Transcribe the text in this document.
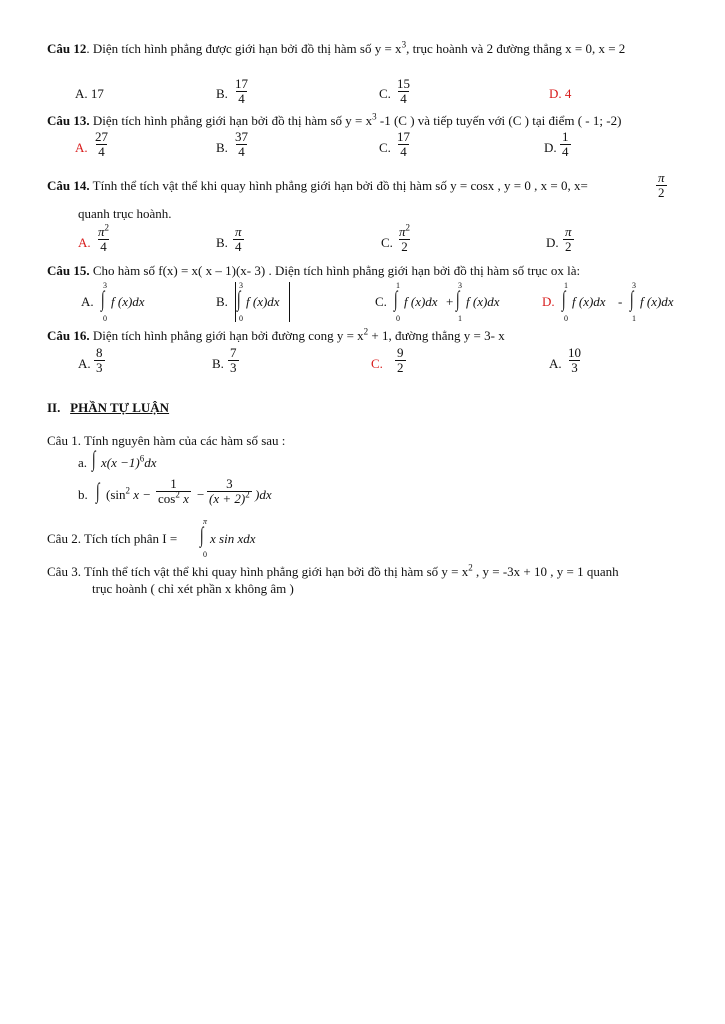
Câu 12. Diện tích hình phẳng được giới hạn bởi đồ thị hàm số $y = x^3$, trục hoành và 2 đường thẳng x = 0, x = 2
A. 17	B. $\frac{17}{4}$	C. $\frac{15}{4}$	D. 4
Câu 13. Diện tích hình phẳng giới hạn bởi đồ thị hàm số $y = x^3$ -1 (C ) và tiếp tuyến với (C ) tại điểm ( - 1; -2)
A. $\frac{27}{4}$	B. $\frac{37}{4}$	C. $\frac{17}{4}$	D. $\frac{1}{4}$
Câu 14. Tính thể tích vật thể khi quay hình phẳng giới hạn bởi đồ thị hàm số y = cosx , y = 0 , x = 0, x=	$\frac{\pi}{2}$
quanh trục hoành.
A. $\frac{\pi^2}{4}$	B. $\frac{\pi}{4}$	C. $\frac{\pi^2}{2}$	D. $\frac{\pi}{2}$
Câu 15. Cho hàm số f(x) = x( x – 1)(x- 3) . Diện tích hình phẳng giới hạn bởi đồ thị hàm số trục ox là:
A.
3
∫
0
f (x)dx	B.
3
∫
0
f (x)dx	C.
1
∫
0
f (x)dx +
3
∫
1
f (x)dx	D.
1
∫
0
f (x)dx -
3
∫
1
f (x)dx
Câu 16. Diện tích hình phẳng giới hạn bởi đường cong $y = x^2 + 1$, đường thẳng y = 3- x
A. $\frac{8}{3}$	B. $\frac{7}{3}$	C. $\frac{9}{2}$	A. $\frac{10}{3}$
II. PHẦN TỰ LUẬN
Câu 1. Tính nguyên hàm của các hàm số sau :
a. ∫ $x(x -1)^6dx$
b. ∫ ($\sin^2$ $x - \frac{1}{\cos^2 x} - \frac{3}{(x + 2)^2} )dx$
Câu 2. Tích tích phân I =
π
∫
0
x sin xdx
Câu 3. Tính thể tích vật thể khi quay hình phẳng giới hạn bởi đồ thị hàm số $y = x^2$ , y = -3x + 10 , y = 1 quanh
trục hoành ( chỉ xét phần x không âm )
